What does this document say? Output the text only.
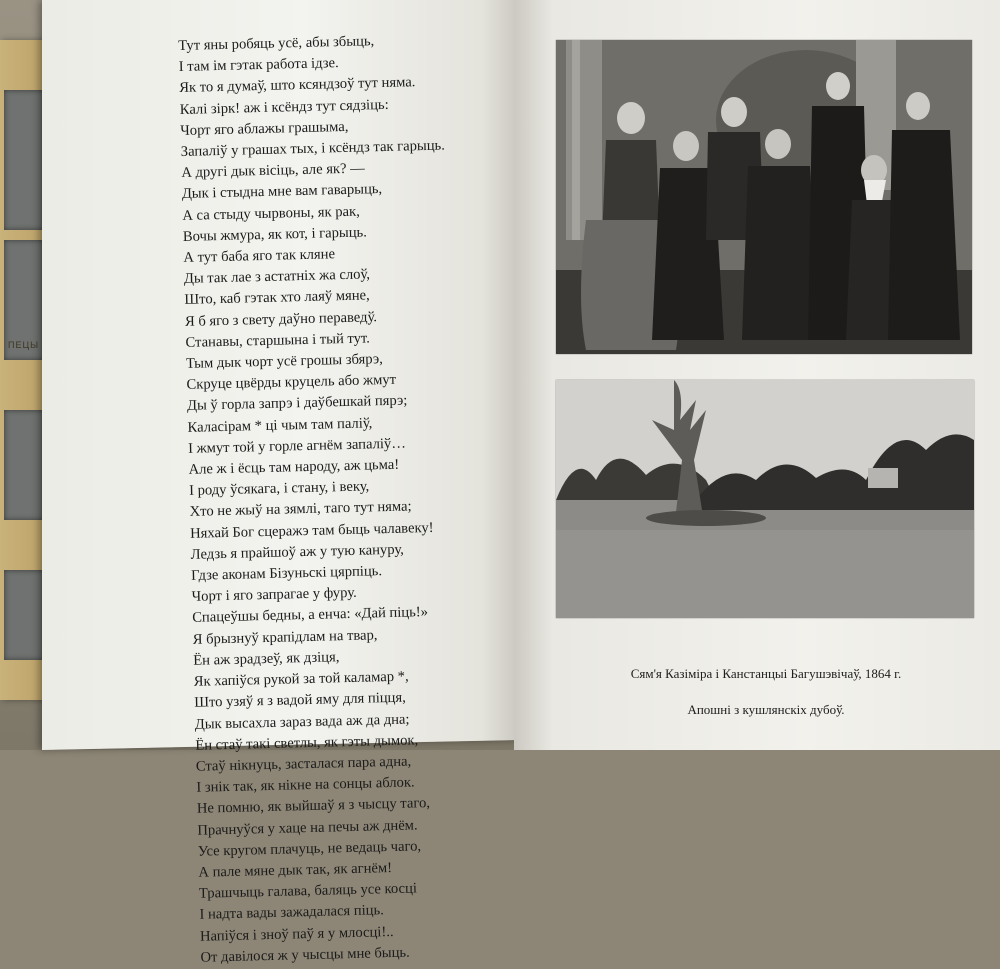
ПЕЦЫ
Тут яны робяць усё, абы збыць,
І там ім гэтак работа ідзе.
Як то я думаў, што ксяндзоў тут няма.
Калі зірк! аж і ксёндз тут сядзіць:
Чорт яго аблажы грашыма,
Запаліў у грашах тых, і ксёндз так гарыць.
А другі дык вісіць, але як? —
Дык і стыдна мне вам гаварыць,
А са стыду чырвоны, як рак,
Вочы жмура, як кот, і гарыць.
А тут баба яго так кляне
Ды так лае з астатніх жа слоў,
Што, каб гэтак хто лаяў мяне,
Я б яго з свету даўно пераведў.
Станавы, старшына і тый тут.
Тым дык чорт усё грошы збярэ,
Скруце цвёрды круцель або жмут
Ды ў горла запрэ і даўбешкай пярэ;
Каласірам * ці чым там паліў,
І жмут той у горле агнём запаліў…
Але ж і ёсць там народу, аж цьма!
І роду ўсякага, і стану, і веку,
Хто не жыў на зямлі, таго тут няма;
Няхай Бог сцеражэ там быць чалавеку!
Ледзь я прайшоў аж у тую кануру,
Гдзе аконам Бізуньскі цярпіць.
Чорт і яго запрагае у фуру.
Спацеўшы бедны, а енча: «Дай піць!»
Я брызнуў крапідлам на твар,
Ён аж зрадзеў, як дзіця,
Як хапіўся рукой за той каламар *,
Што узяў я з вадой яму для піцця,
Дык высахла зараз вада аж да дна;
Ён стаў такі светлы, як гэты дымок,
Стаў нікнуць, засталася пара адна,
І знік так, як нікне на сонцы аблок.
Не помню, як выйшаў я з чысцу таго,
Прачнуўся у хаце на печы аж днём.
Усе кругом плачуць, не ведаць чаго,
А пале мяне дык так, як агнём!
Трашчыць галава, баляць усе косці
І надта вады зажадалася піць.
Напіўся і зноў паў я у млосці!..
От давілося ж у чысцы мне быць.

Сям'я Казіміра і Канстанцыі Багушэвічаў, 1864 г.

Апошні з кушлянскіх дубоў.
